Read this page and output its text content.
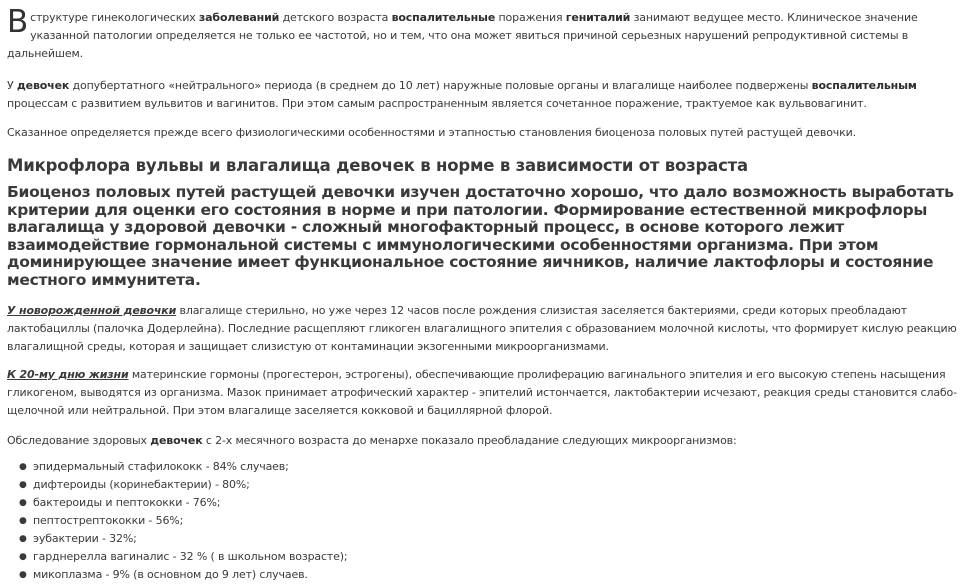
В структуре гинекологических заболеваний детского возраста воспалительные поражения гениталий занимают ведущее место. Клиническое значение указанной патологии определяется не только ее частотой, но и тем, что она может явиться причиной серьезных нарушений репродуктивной системы в дальнейшем.

У девочек допубертатного «нейтрального» периода (в среднем до 10 лет) наружные половые органы и влагалище наиболее подвержены воспалительным процессам с развитием вульвитов и вагинитов. При этом самым распространенным является сочетанное поражение, трактуемое как вульвовагинит.

Сказанное определяется прежде всего физиологическими особенностями и этапностью становления биоценоза половых путей растущей девочки.

Микрофлора вульвы и влагалища девочек в норме в зависимости от возраста
Биоценоз половых путей растущей девочки изучен достаточно хорошо, что дало возможность выработать критерии для оценки его состояния в норме и при патологии. Формирование естественной микрофлоры влагалища у здоровой девочки - сложный многофакторный процесс, в основе которого лежит взаимодействие гормональной системы с иммунологическими особенностями организма. При этом доминирующее значение имеет функциональное состояние яичников, наличие лактофлоры и состояние местного иммунитета.

У новорожденной девочки влагалище стерильно, но уже через 12 часов после рождения слизистая заселяется бактериями, среди которых преобладают лактобациллы (палочка Додерлейна). Последние расщепляют гликоген влагалищного эпителия с образованием молочной кислоты, что формирует кислую реакцию влагалищной среды, которая и защищает слизистую от контаминации экзогенными микроорганизмами.

К 20-му дню жизни материнские гормоны (прогестерон, эстрогены), обеспечивающие пролиферацию вагинального эпителия и его высокую степень насыщения гликогеном, выводятся из организма. Мазок принимает атрофический характер - эпителий истончается, лактобактерии исчезают, реакция среды становится слабо-щелочной или нейтральной. При этом влагалище заселяется кокковой и бациллярной флорой.

Обследование здоровых девочек с 2-х месячного возраста до менархе показало преобладание следующих микроорганизмов:

● эпидермальный стафилококк - 84% случаев;
● дифтероиды (коринебактерии) - 80%;
● бактероиды и пептококки - 76%;
● пептострептококки - 56%;
● эубактерии - 32%;
● гарднерелла вагиналис - 32 % ( в школьном возрасте);
● микоплазма - 9% (в основном до 9 лет) случаев.
